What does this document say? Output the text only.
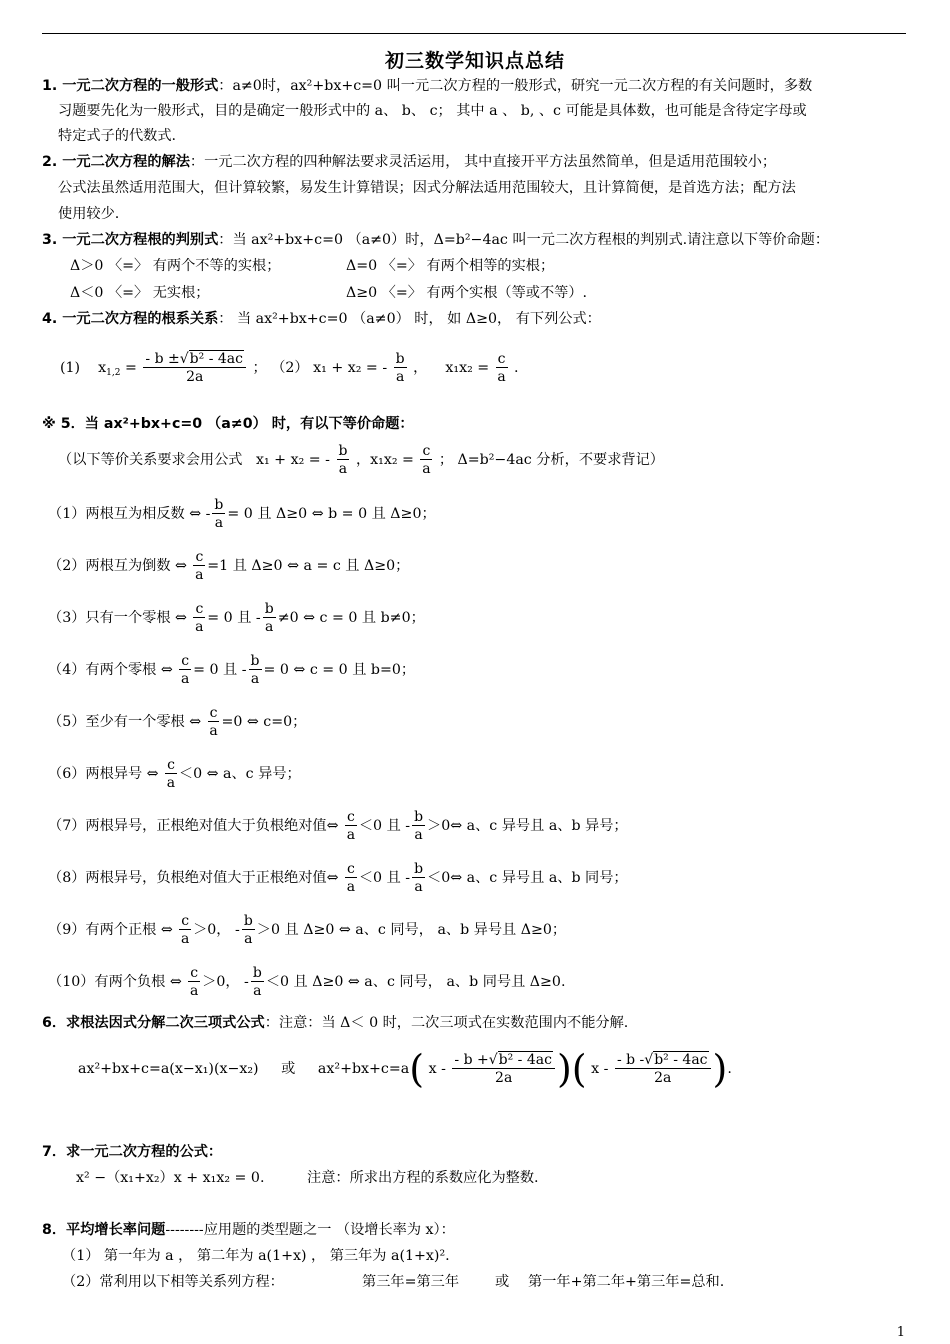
初三数学知识点总结
1. 一元二次方程的一般形式：a≠0时，ax²+bx+c=0 叫一元二次方程的一般形式，研究一元二次方程的有关问题时，多数
习题要先化为一般形式，目的是确定一般形式中的 a、 b、 c； 其中 a 、 b, 、c 可能是具体数，也可能是含待定字母或
特定式子的代数式.
2. 一元二次方程的解法：一元二次方程的四种解法要求灵活运用， 其中直接开平方法虽然简单，但是适用范围较小；
公式法虽然适用范围大，但计算较繁，易发生计算错误；因式分解法适用范围较大，且计算简便，是首选方法；配方法
使用较少.
3. 一元二次方程根的判别式：当 ax²+bx+c=0 （a≠0）时，Δ=b²−4ac 叫一元二次方程根的判别式.请注意以下等价命题：
Δ＞0 〈=〉 有两个不等的实根；	Δ=0 〈=〉 有两个相等的实根；
Δ＜0 〈=〉 无实根；	Δ≥0 〈=〉 有两个实根（等或不等）.
4. 一元二次方程的根系关系： 当 ax²+bx+c=0 （a≠0） 时， 如 Δ≥0， 有下列公式：
(1) $x_{1,2} = \frac{\text{- b ±√b² - 4ac}}{2a}$ ； （2） x₁ + x₂ = - $\frac{b}{a}$ ， $x_1x_2 = \frac{c}{a}$ .
※ 5．当 ax²+bx+c=0 （a≠0） 时，有以下等价命题：
（以下等价关系要求会用公式 x₁ + x₂ = - $\frac{b}{a}$ ，$x_1x_2 = \frac{c}{a}$ ； Δ=b²−4ac 分析，不要求背记）
（1）两根互为相反数 ⇔ - $\frac{b}{a} = 0$ 且 Δ≥0 ⇔ b = 0 且 Δ≥0；
（2）两根互为倒数 ⇔ $\frac{c}{a} =1$ 且 Δ≥0 ⇔ a = c 且 Δ≥0；
（3）只有一个零根 ⇔ $\frac{c}{a} = 0$ 且 - $\frac{b}{a} \ne 0$ ⇔ c = 0 且 b≠0；
（4）有两个零根 ⇔ $\frac{c}{a} = 0$ 且 - $\frac{b}{a} = 0$ ⇔ c = 0 且 b=0；
（5）至少有一个零根 ⇔ $\frac{c}{a} =0$ ⇔ c=0；
（6）两根异号 ⇔ $\frac{c}{a} <0$ ⇔ a、c 异号；
（7）两根异号，正根绝对值大于负根绝对值⇔ $\frac{c}{a} <0$ 且 - $\frac{b}{a}$ ＞0⇔ a、c 异号且 a、b 异号；
（8）两根异号，负根绝对值大于正根绝对值⇔ $\frac{c}{a} <0$ 且 - $\frac{b}{a}$ ＜0⇔ a、c 异号且 a、b 同号；
（9）有两个正根 ⇔ $\frac{c}{a} >0$， - $\frac{b}{a} >0$ 且 Δ≥0 ⇔ a、c 同号， a、b 异号且 Δ≥0；
（10）有两个负根 ⇔ $\frac{c}{a} >0$， - $\frac{b}{a} <0$ 且 Δ≥0 ⇔ a、c 同号， a、b 同号且 Δ≥0.
6．求根法因式分解二次三项式公式：注意：当 Δ＜ 0 时，二次三项式在实数范围内不能分解.
ax²+bx+c=a(x−x₁)(x−x₂) 或 ax²+bx+c=a( x - $\frac{\text{- b +√b² - 4ac}}{2a}$ )( x - $\frac{\text{- b -√b² - 4ac}}{2a}$ ).
7．求一元二次方程的公式：
x² −（x₁+x₂）x + x₁x₂ = 0.	注意：所求出方程的系数应化为整数.
8．平均增长率问题--------应用题的类型题之一 （设增长率为 x）：
（1） 第一年为 a ， 第二年为 a(1+x) ， 第三年为 a(1+x)².
（2）常利用以下相等关系列方程：	第三年=第三年	或 第一年+第二年+第三年=总和.
1
